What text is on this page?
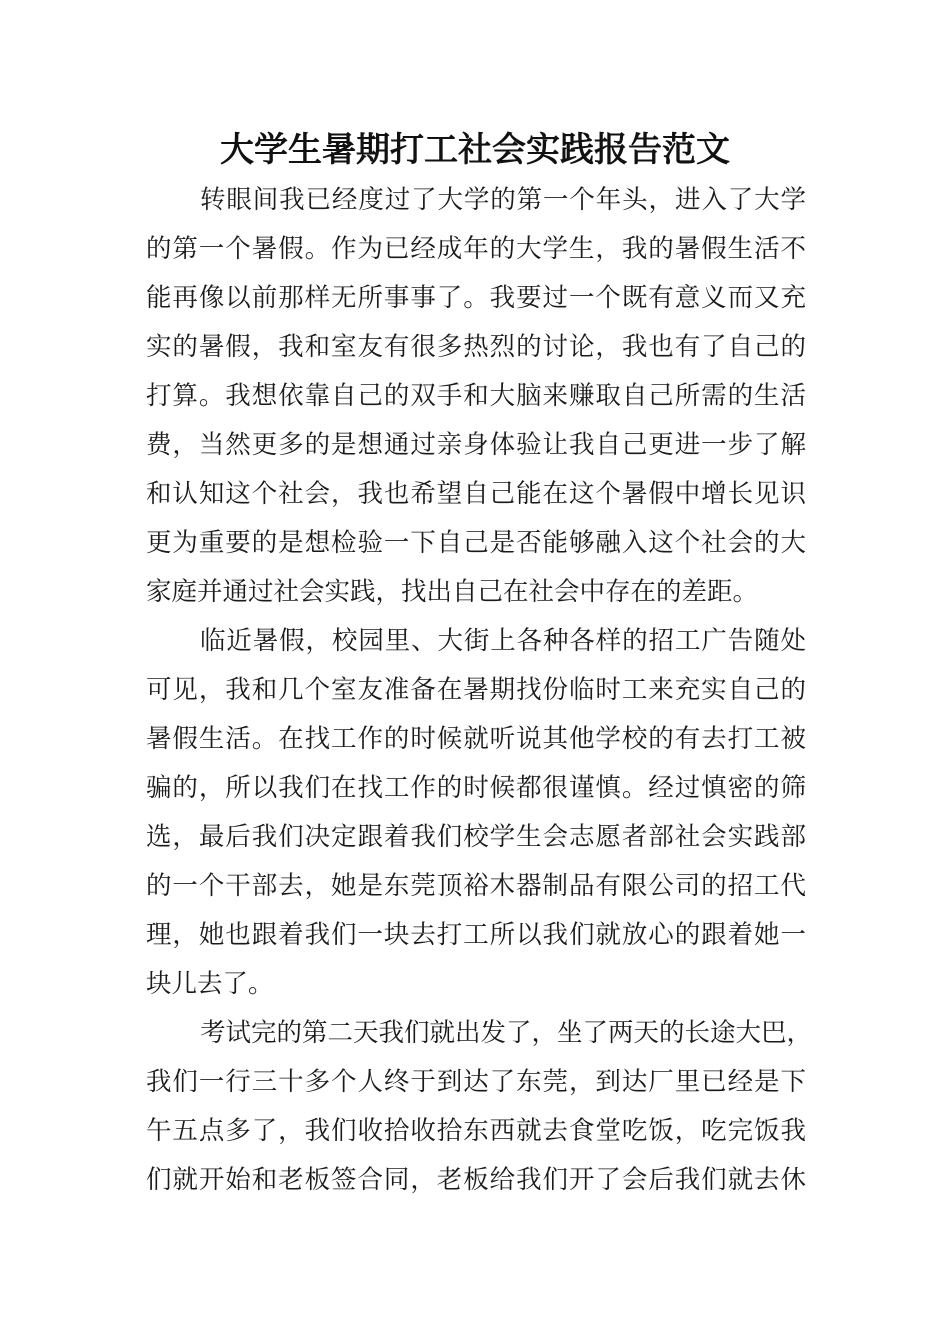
大学生暑期打工社会实践报告范文
转眼间我已经度过了大学的第一个年头，进入了大学
的第一个暑假。作为已经成年的大学生，我的暑假生活不
能再像以前那样无所事事了。我要过一个既有意义而又充
实的暑假，我和室友有很多热烈的讨论，我也有了自己的
打算。我想依靠自己的双手和大脑来赚取自己所需的生活
费，当然更多的是想通过亲身体验让我自己更进一步了解
和认知这个社会，我也希望自己能在这个暑假中增长见识
更为重要的是想检验一下自己是否能够融入这个社会的大
家庭并通过社会实践，找出自己在社会中存在的差距。
临近暑假，校园里、大街上各种各样的招工广告随处
可见，我和几个室友准备在暑期找份临时工来充实自己的
暑假生活。在找工作的时候就听说其他学校的有去打工被
骗的，所以我们在找工作的时候都很谨慎。经过慎密的筛
选，最后我们决定跟着我们校学生会志愿者部社会实践部
的一个干部去，她是东莞顶裕木器制品有限公司的招工代
理，她也跟着我们一块去打工所以我们就放心的跟着她一
块儿去了。
考试完的第二天我们就出发了，坐了两天的长途大巴，
我们一行三十多个人终于到达了东莞，到达厂里已经是下
午五点多了，我们收拾收拾东西就去食堂吃饭，吃完饭我
们就开始和老板签合同，老板给我们开了会后我们就去休
